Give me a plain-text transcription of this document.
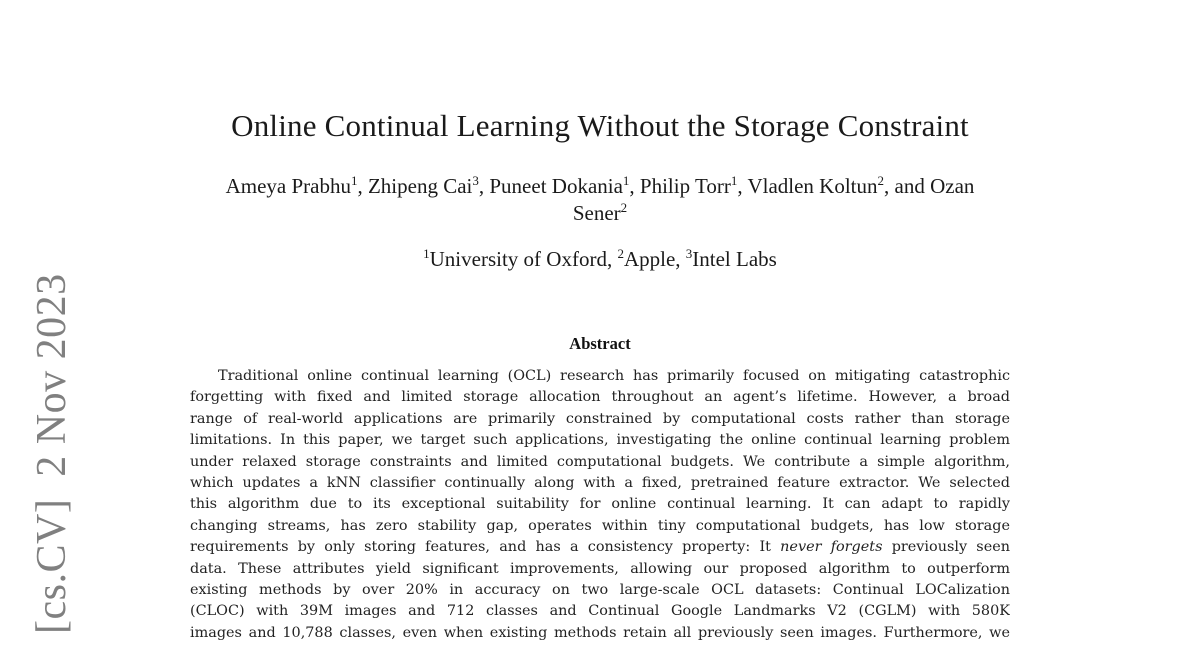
[cs.CV]2 Nov 2023
Online Continual Learning Without the Storage Constraint
Ameya Prabhu$^1$, Zhipeng Cai$^3$, Puneet Dokania$^1$, Philip Torr$^1$, Vladlen Koltun$^2$, and Ozan
Sener$^2$
$^1$University of Oxford, $^2$Apple, $^3$Intel Labs
Abstract
Traditional online continual learning (OCL) research has primarily focused on mitigating catastrophic
forgetting with fixed and limited storage allocation throughout an agent’s lifetime. However, a broad
range of real-world applications are primarily constrained by computational costs rather than storage
limitations. In this paper, we target such applications, investigating the online continual learning problem
under relaxed storage constraints and limited computational budgets. We contribute a simple algorithm,
which updates a kNN classifier continually along with a fixed, pretrained feature extractor. We selected
this algorithm due to its exceptional suitability for online continual learning. It can adapt to rapidly
changing streams, has zero stability gap, operates within tiny computational budgets, has low storage
requirements by only storing features, and has a consistency property: It never forgets previously seen
data. These attributes yield significant improvements, allowing our proposed algorithm to outperform
existing methods by over 20% in accuracy on two large-scale OCL datasets: Continual LOCalization
(CLOC) with 39M images and 712 classes and Continual Google Landmarks V2 (CGLM) with 580K
images and 10,788 classes, even when existing methods retain all previously seen images. Furthermore, we
